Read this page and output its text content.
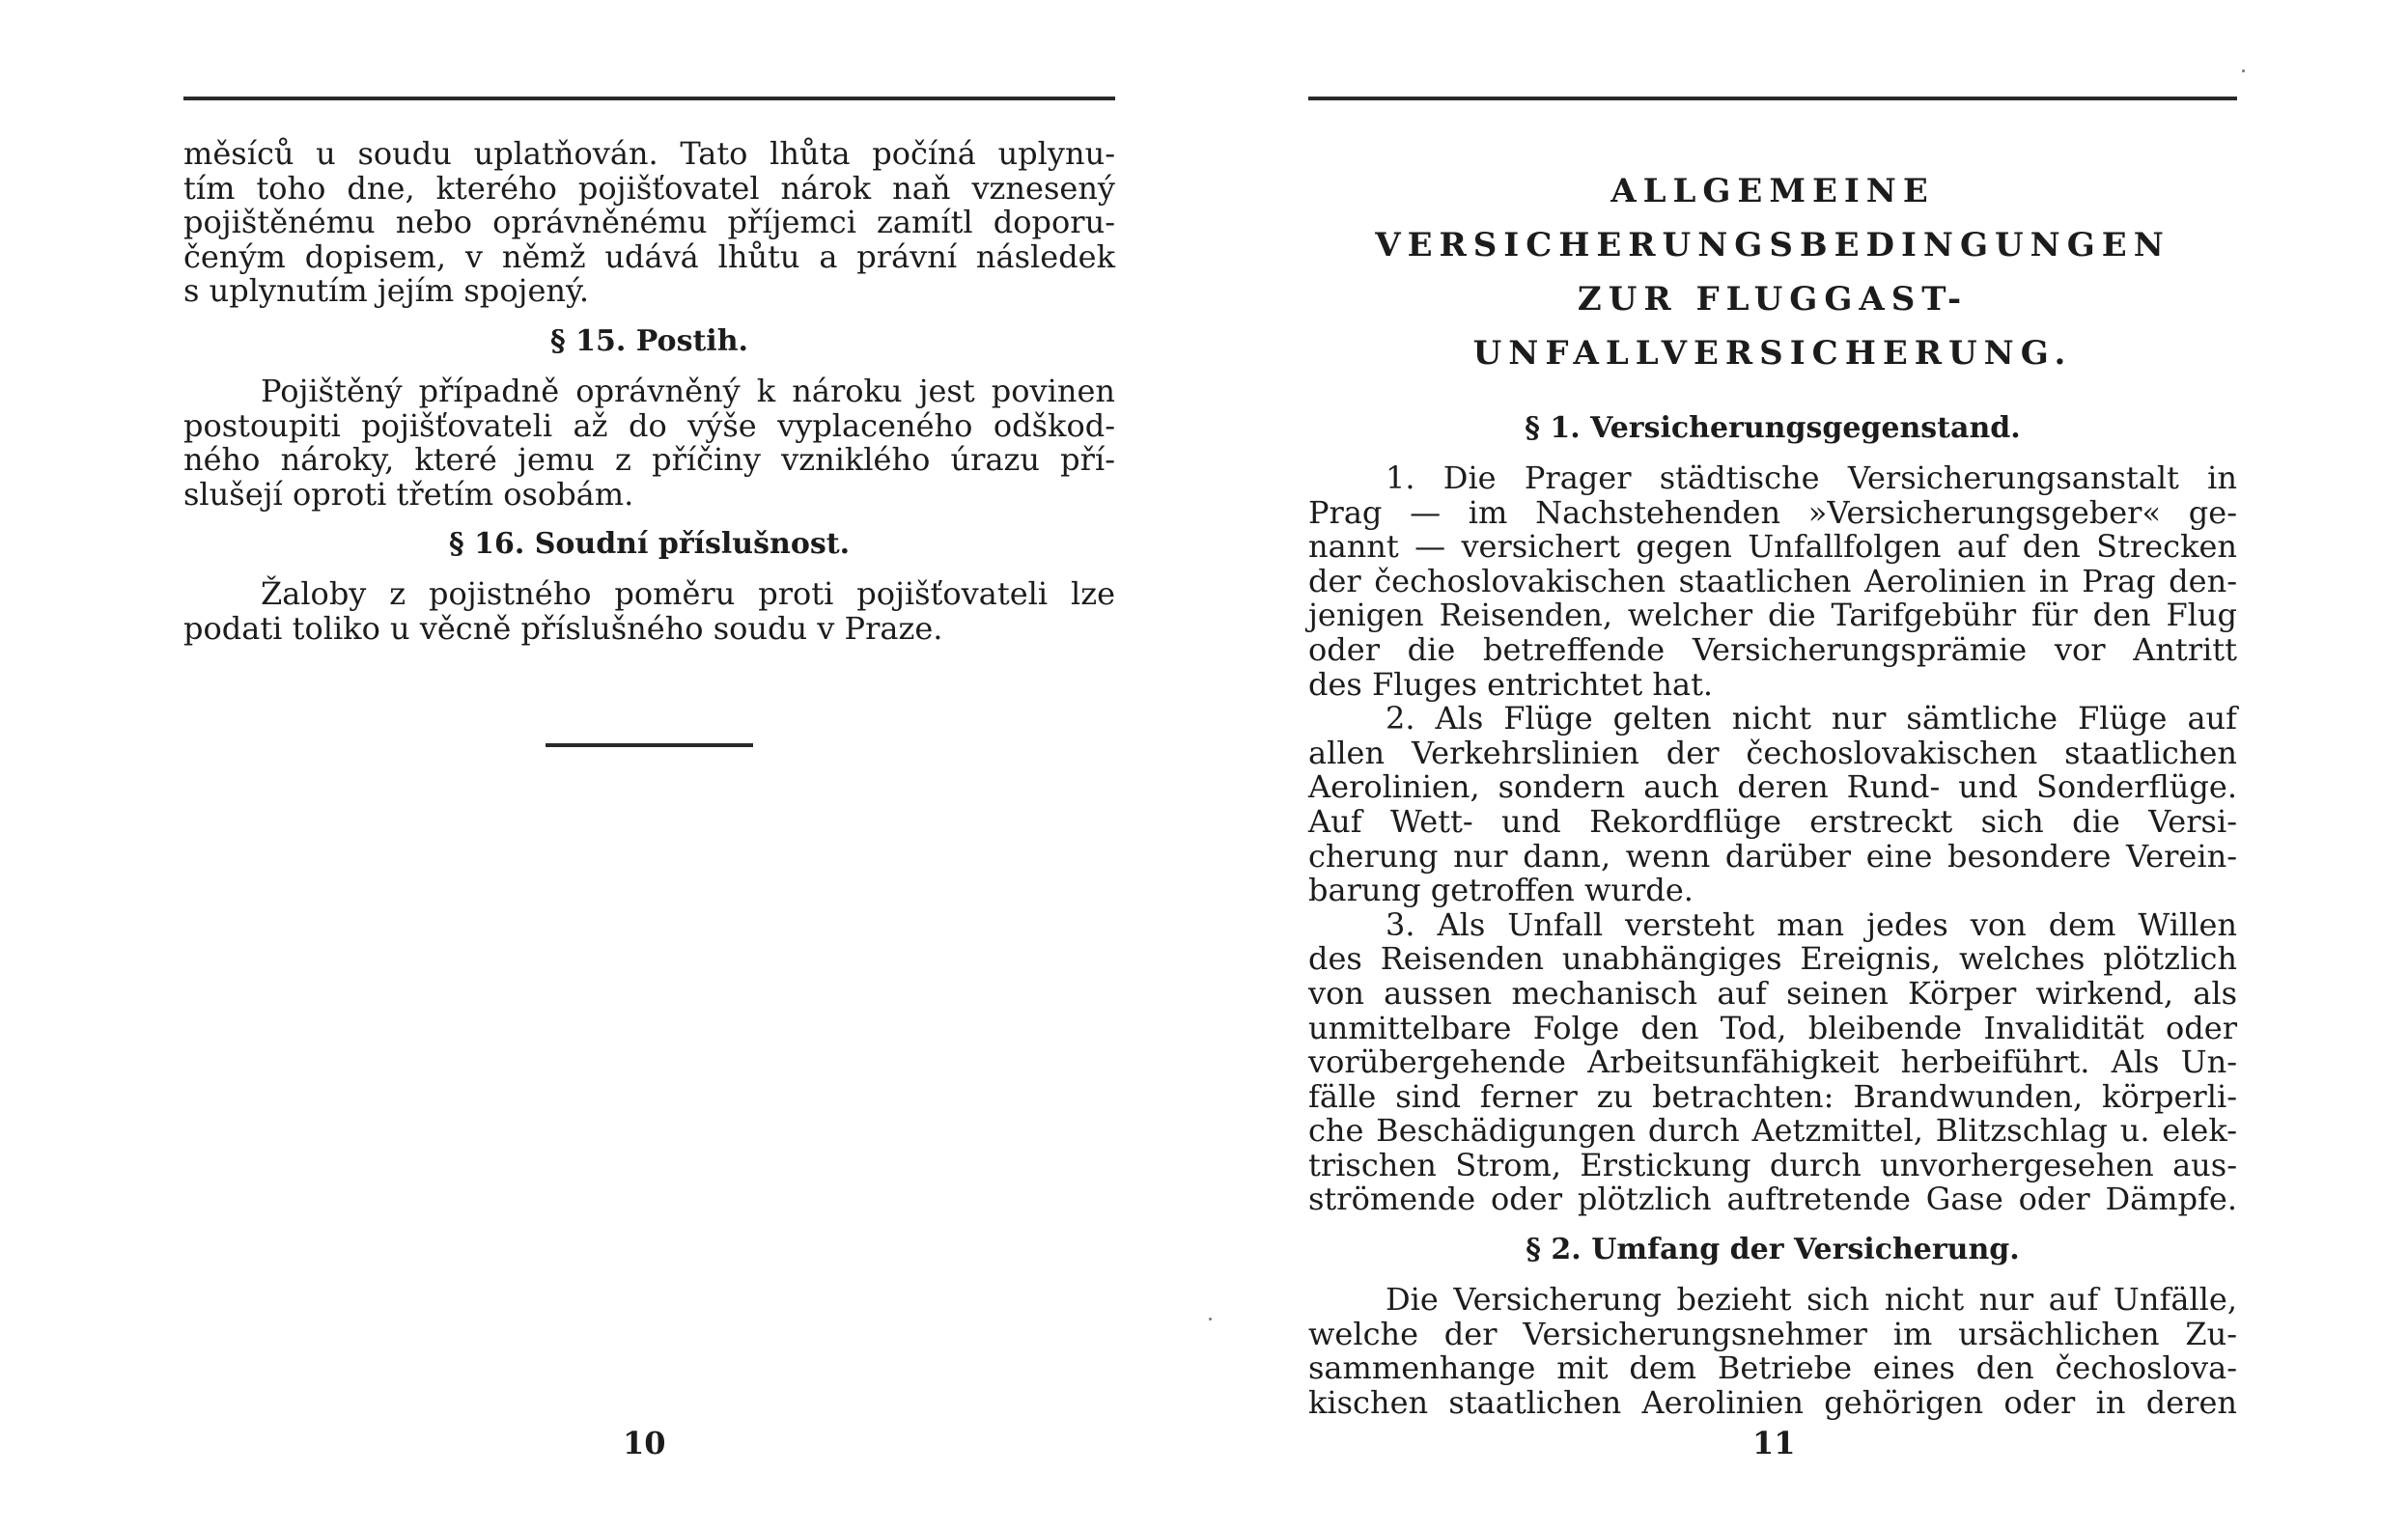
měsíců u soudu uplatňován. Tato lhůta počíná uplynu-

tím toho dne, kterého pojišťovatel nárok naň vznesený

pojištěnému nebo oprávněnému příjemci zamítl doporu-

čeným dopisem, v němž udává lhůtu a právní následek

s uplynutím jejím spojený.

§ 15. Postih.

Pojištěný případně oprávněný k nároku jest povinen

postoupiti pojišťovateli až do výše vyplaceného odškod-

ného nároky, které jemu z příčiny vzniklého úrazu pří-

slušejí oproti třetím osobám.

§ 16. Soudní příslušnost.

Žaloby z pojistného poměru proti pojišťovateli lze

podati toliko u věcně příslušného soudu v Praze.

10

ALLGEMEINE

VERSICHERUNGSBEDINGUNGEN

ZUR FLUGGAST-UNFALLVERSICHERUNG.

§ 1. Versicherungsgegenstand.

1. Die Prager städtische Versicherungsanstalt in

Prag — im Nachstehenden »Versicherungsgeber« ge-

nannt — versichert gegen Unfallfolgen auf den Strecken

der čechoslovakischen staatlichen Aerolinien in Prag den-

jenigen Reisenden, welcher die Tarifgebühr für den Flug

oder die betreffende Versicherungsprämie vor Antritt

des Fluges entrichtet hat.

2. Als Flüge gelten nicht nur sämtliche Flüge auf

allen Verkehrslinien der čechoslovakischen staatlichen

Aerolinien, sondern auch deren Rund- und Sonderflüge.

Auf Wett- und Rekordflüge erstreckt sich die Versi-

cherung nur dann, wenn darüber eine besondere Verein-

barung getroffen wurde.

3. Als Unfall versteht man jedes von dem Willen

des Reisenden unabhängiges Ereignis, welches plötzlich

von aussen mechanisch auf seinen Körper wirkend, als

unmittelbare Folge den Tod, bleibende Invalidität oder

vorübergehende Arbeitsunfähigkeit herbeiführt. Als Un-

fälle sind ferner zu betrachten: Brandwunden, körperli-

che Beschädigungen durch Aetzmittel, Blitzschlag u. elek-

trischen Strom, Erstickung durch unvorhergesehen aus-

strömende oder plötzlich auftretende Gase oder Dämpfe.

§ 2. Umfang der Versicherung.

Die Versicherung bezieht sich nicht nur auf Unfälle,

welche der Versicherungsnehmer im ursächlichen Zu-

sammenhange mit dem Betriebe eines den čechoslova-

kischen staatlichen Aerolinien gehörigen oder in deren

11
